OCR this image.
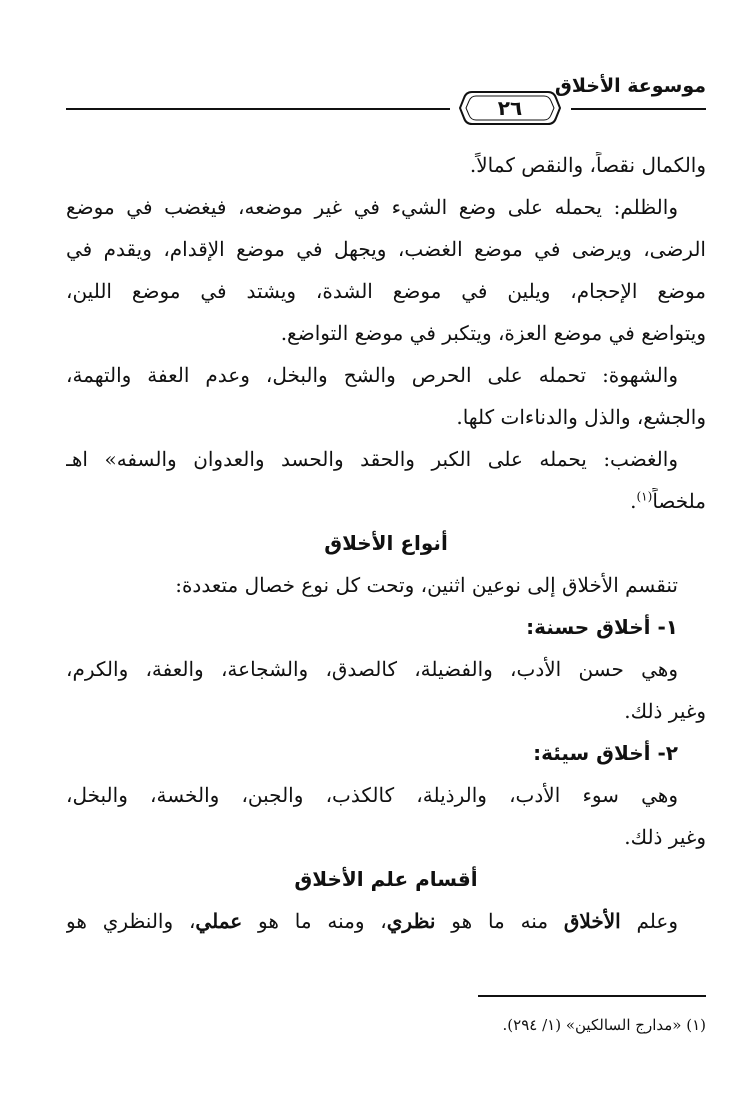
موسوعة الأخلاق
٢٦
والكمال نقصاً، والنقص كمالاً.
والظلم: يحمله على وضع الشيء في غير موضعه، فيغضب في موضع
الرضى، ويرضى في موضع الغضب، ويجهل في موضع الإقدام، ويقدم في
موضع الإحجام، ويلين في موضع الشدة، ويشتد في موضع اللين،
ويتواضع في موضع العزة، ويتكبر في موضع التواضع.
والشهوة: تحمله على الحرص والشح والبخل، وعدم العفة والتهمة،
والجشع، والذل والدناءات كلها.
والغضب: يحمله على الكبر والحقد والحسد والعدوان والسفه» اهـ
ملخصاً$^{(١)}$.
أنواع الأخلاق
تنقسم الأخلاق إلى نوعين اثنين، وتحت كل نوع خصال متعددة:
١- أخلاق حسنة:
وهي حسن الأدب، والفضيلة، كالصدق، والشجاعة، والعفة، والكرم،
وغير ذلك.
٢- أخلاق سيئة:
وهي سوء الأدب، والرذيلة، كالكذب، والجبن، والخسة، والبخل،
وغير ذلك.
أقسام علم الأخلاق
وعلم الأخلاق منه ما هو نظري، ومنه ما هو عملي، والنظري هو
(١) «مدارج السالكين» (١/ ٢٩٤).
